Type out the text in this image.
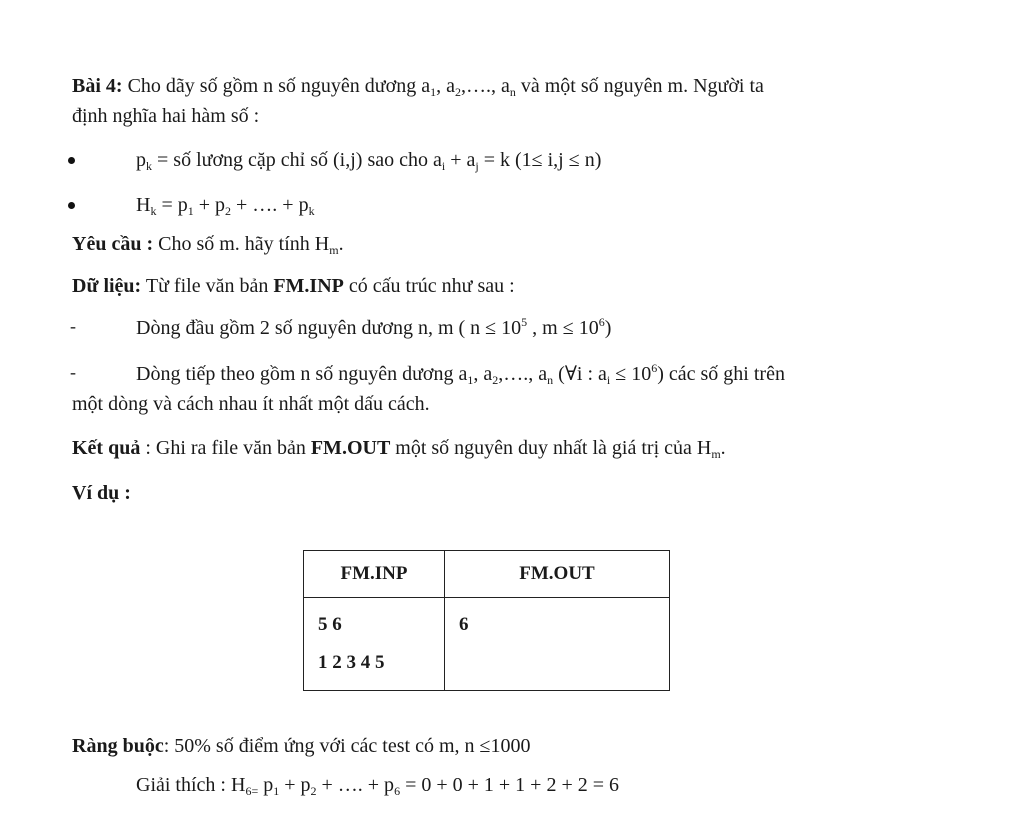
Bài 4: Cho dãy số gồm n số nguyên dương $a_1$, $a_2,\dots$., $a_n$ và một số nguyên m. Người ta
định nghĩa hai hàm số :
$p_k$ = số lương cặp chỉ số (i,j) sao cho $a_i + a_j = k$ (1≤ i,j ≤ n)
$H_k = p_1 + p_2$ + …. + $p_k$
Yêu cầu : Cho số m. hãy tính $H_m$.
Dữ liệu: Từ file văn bản FM.INP có cấu trúc như sau :
-	Dòng đầu gồm 2 số nguyên dương n, m ( $n \le 10^5$ , $m \le 10^6$)
-	Dòng tiếp theo gồm n số nguyên dương $a_1$, $a_2,\dots$., $a_n$ (∀i : $a_i \le 10^6$) các số ghi trên
một dòng và cách nhau ít nhất một dấu cách.
Kết quả : Ghi ra file văn bản FM.OUT một số nguyên duy nhất là giá trị của $H_m$.
Ví dụ :
FM.INP	FM.OUT

5 6
1 2 3 4 5	6
Ràng buộc: 50% số điểm ứng với các test có m, n ≤1000
Giải thích : $H_{6=}$ $p_1 + p_2$ + …. + $p_6 = 0 + 0 + 1 + 1 + 2 + 2 = 6$
